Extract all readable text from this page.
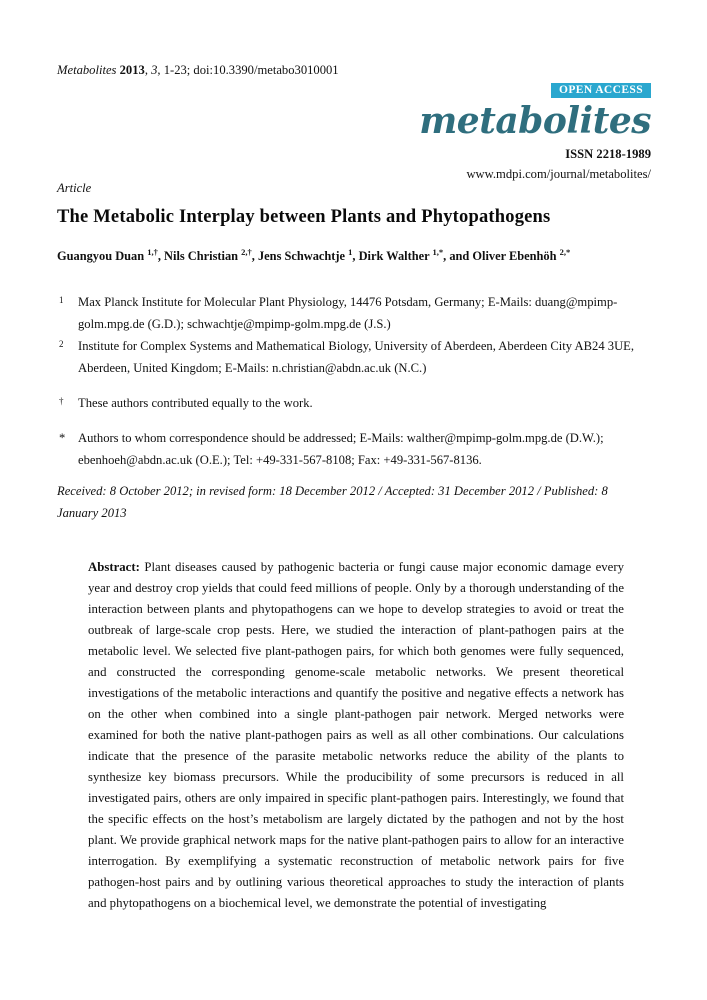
Metabolites 2013, 3, 1-23; doi:10.3390/metabo3010001
OPEN ACCESS
metabolites
ISSN 2218-1989
www.mdpi.com/journal/metabolites/
Article
The Metabolic Interplay between Plants and Phytopathogens
Guangyou Duan $^{1,\dagger}$, Nils Christian $^{2,\dagger}$, Jens Schwachtje $^1$, Dirk Walther $^{1,*}$, and Oliver Ebenhöh $^{2,*}$
1 Max Planck Institute for Molecular Plant Physiology, 14476 Potsdam, Germany; E-Mails: duang@mpimp-golm.mpg.de (G.D.); schwachtje@mpimp-golm.mpg.de (J.S.)
2 Institute for Complex Systems and Mathematical Biology, University of Aberdeen, Aberdeen City AB24 3UE, Aberdeen, United Kingdom; E-Mails: n.christian@abdn.ac.uk (N.C.)
† These authors contributed equally to the work.
* Authors to whom correspondence should be addressed; E-Mails: walther@mpimp-golm.mpg.de (D.W.); ebenhoeh@abdn.ac.uk (O.E.); Tel: +49-331-567-8108; Fax: +49-331-567-8136.
Received: 8 October 2012; in revised form: 18 December 2012 / Accepted: 31 December 2012 / Published: 8 January 2013
Abstract: Plant diseases caused by pathogenic bacteria or fungi cause major economic damage every year and destroy crop yields that could feed millions of people. Only by a thorough understanding of the interaction between plants and phytopathogens can we hope to develop strategies to avoid or treat the outbreak of large-scale crop pests. Here, we studied the interaction of plant-pathogen pairs at the metabolic level. We selected five plant-pathogen pairs, for which both genomes were fully sequenced, and constructed the corresponding genome-scale metabolic networks. We present theoretical investigations of the metabolic interactions and quantify the positive and negative effects a network has on the other when combined into a single plant-pathogen pair network. Merged networks were examined for both the native plant-pathogen pairs as well as all other combinations. Our calculations indicate that the presence of the parasite metabolic networks reduce the ability of the plants to synthesize key biomass precursors. While the producibility of some precursors is reduced in all investigated pairs, others are only impaired in specific plant-pathogen pairs. Interestingly, we found that the specific effects on the host’s metabolism are largely dictated by the pathogen and not by the host plant. We provide graphical network maps for the native plant-pathogen pairs to allow for an interactive interrogation. By exemplifying a systematic reconstruction of metabolic network pairs for five pathogen-host pairs and by outlining various theoretical approaches to study the interaction of plants and phytopathogens on a biochemical level, we demonstrate the potential of investigating
